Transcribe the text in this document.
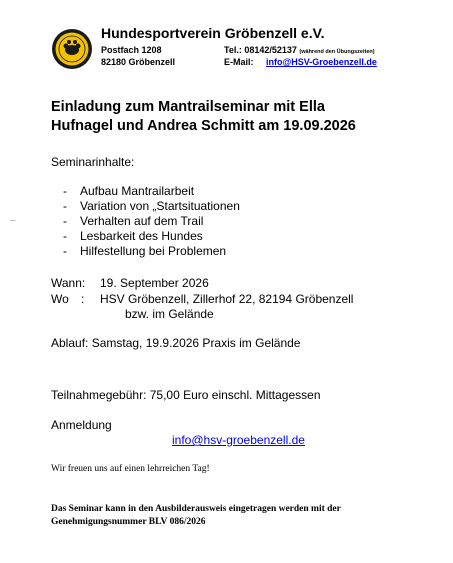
Hundesportverein Gröbenzell e.V.
Postfach 1208
82180 Gröbenzell
Tel.: 08142/52137 (während den Übungszeiten)
E-Mail: info@HSV-Groebenzell.de
Einladung zum Mantrailseminar mit Ella
Hufnagel und Andrea Schmitt am 19.09.2026
Seminarinhalte:
- Aufbau Mantrailarbeit
- Variation von „Startsituationen
- Verhalten auf dem Trail
- Lesbarkeit des Hundes
- Hilfestellung bei Problemen
–
Wann: 19. September 2026
Wo : HSV Gröbenzell, Zillerhof 22, 82194 Gröbenzell
bzw. im Gelände
Ablauf: Samstag, 19.9.2026 Praxis im Gelände
Teilnahmegebühr: 75,00 Euro einschl. Mittagessen
Anmeldung
info@hsv-groebenzell.de
Wir freuen uns auf einen lehrreichen Tag!
Das Seminar kann in den Ausbilderausweis eingetragen werden mit der
Genehmigungsnummer BLV 086/2026
